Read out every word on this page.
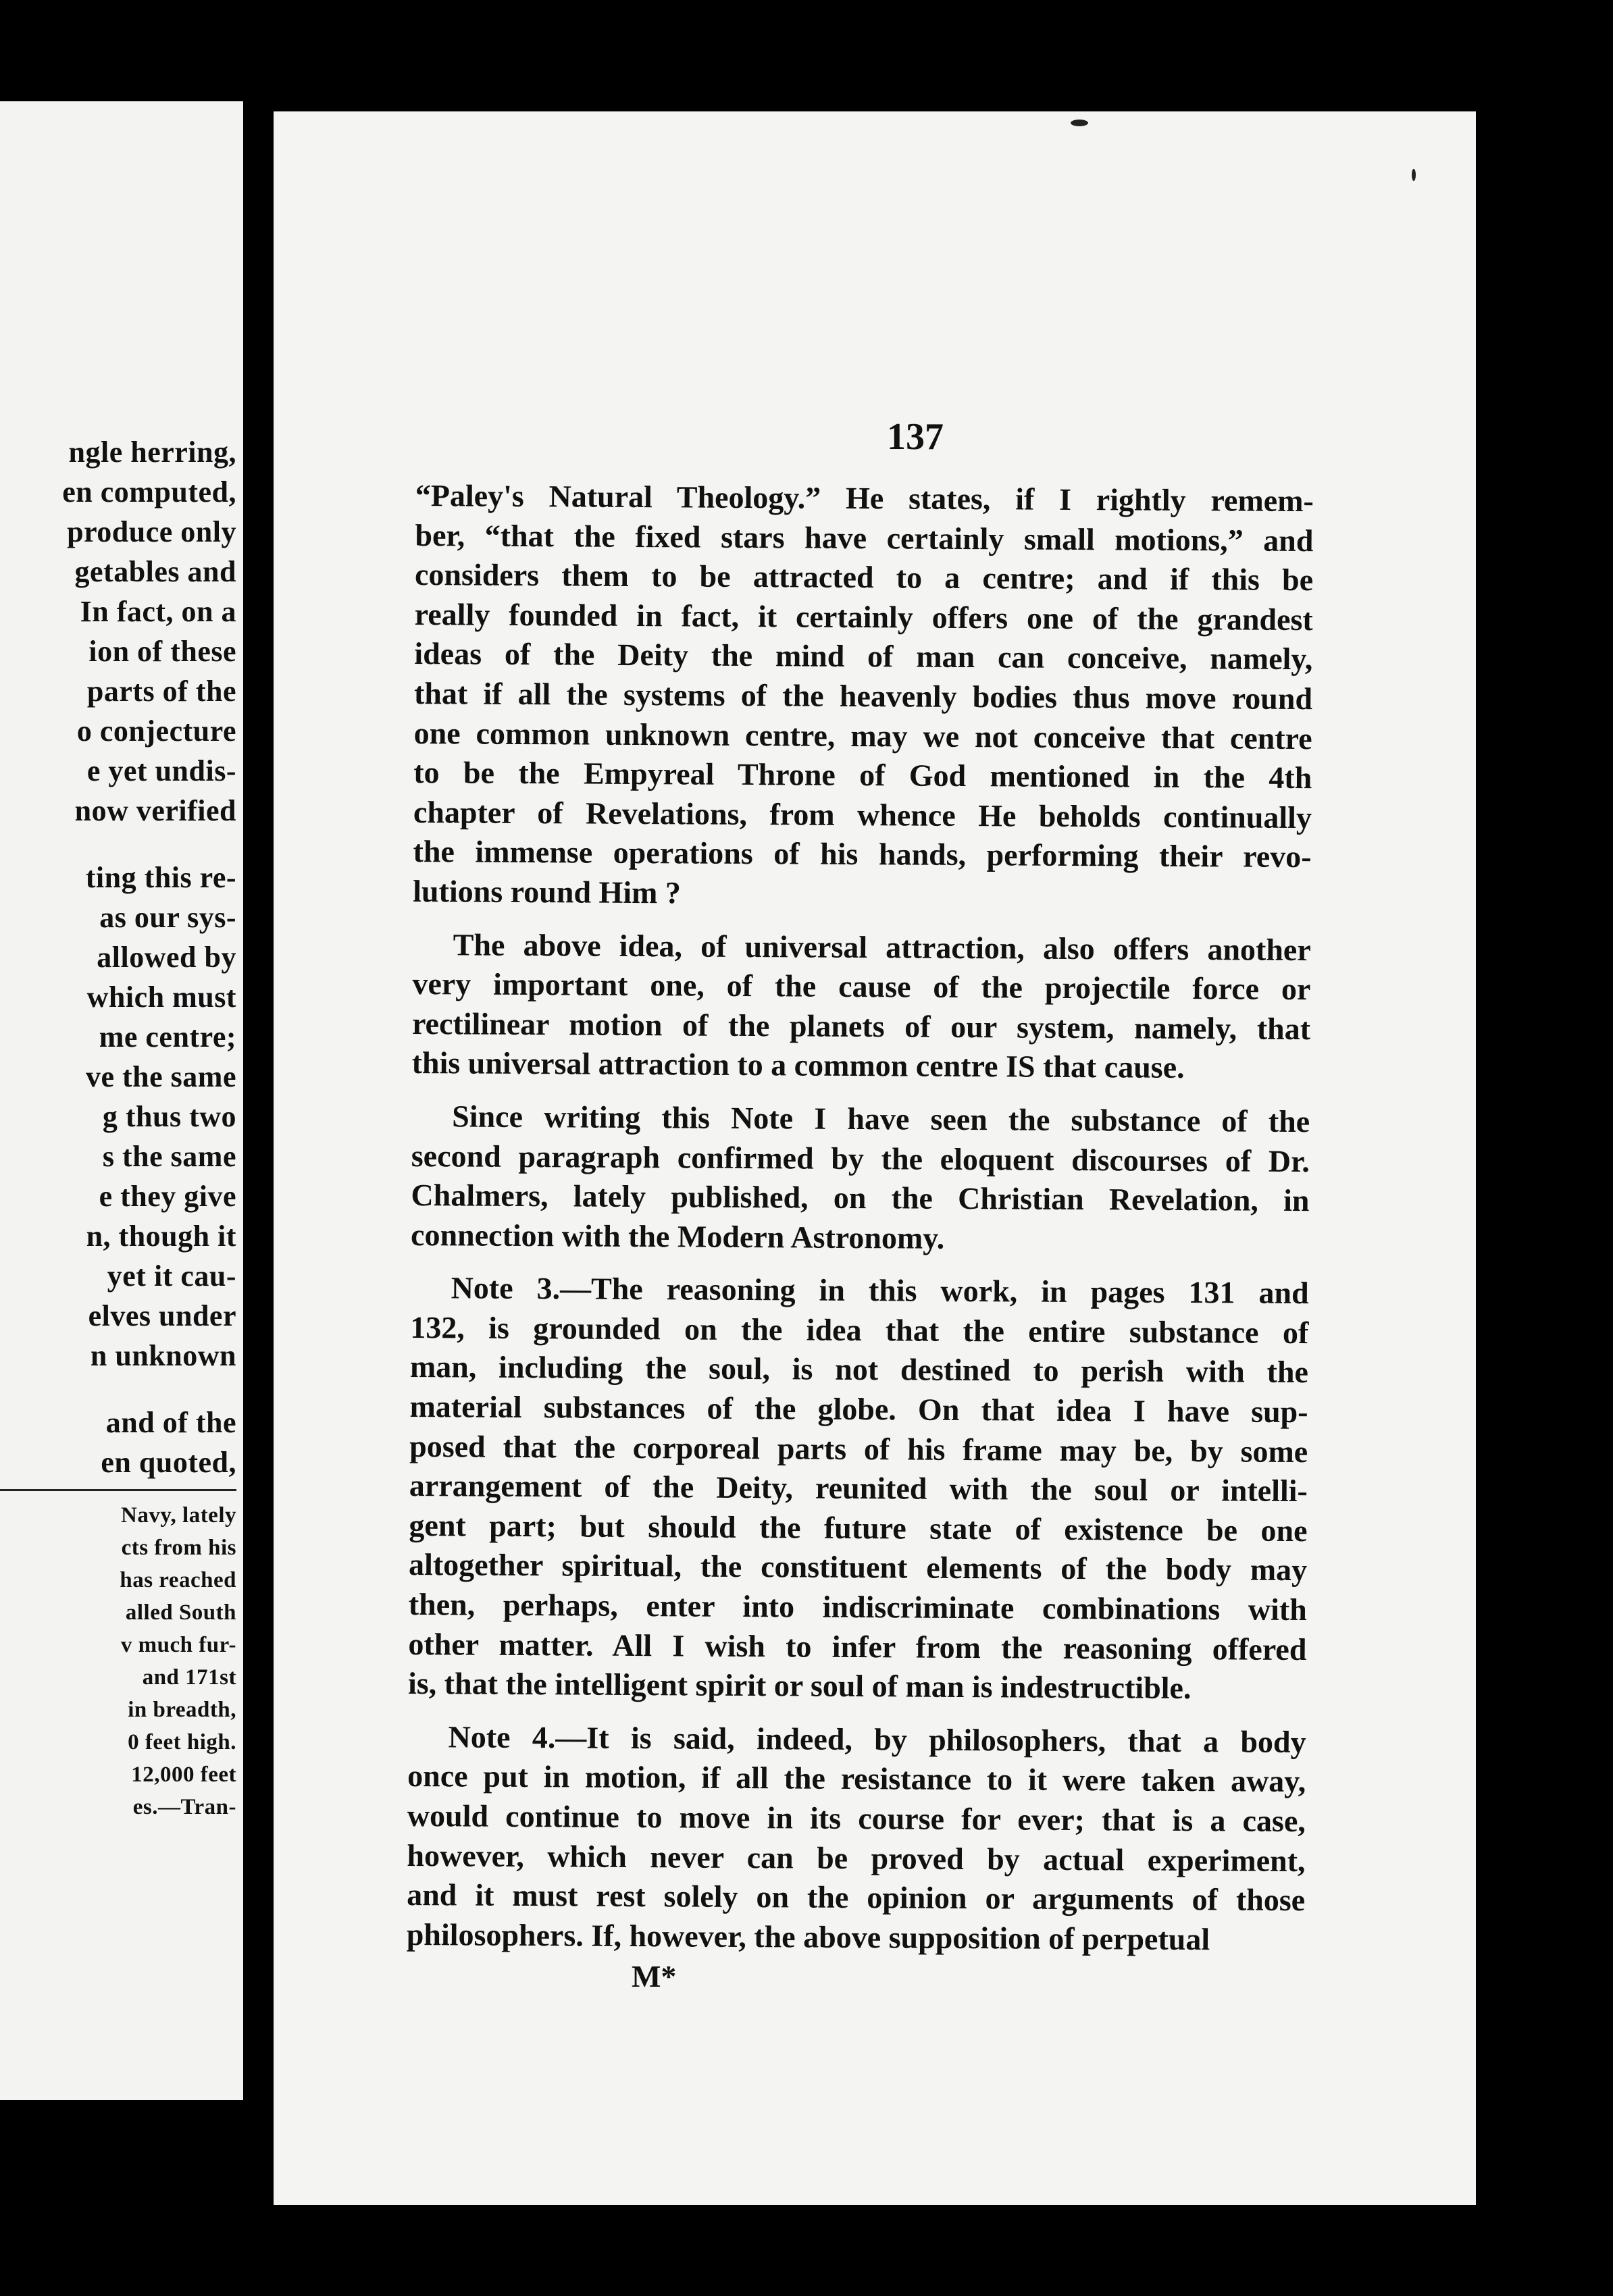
ngle herring,
en computed,
produce only
getables and
In fact, on a
ion of these
parts of the
o conjecture
e yet undis-
now verified
ting this re-
as our sys-
allowed by
which must
me centre;
ve the same
g thus two
s the same
e they give
n, though it
yet it cau-
elves under
n unknown
and of the
en quoted,
Navy, lately
cts from his
has reached
alled South
v much fur-
and 171st
in breadth,
0 feet high.
12,000 feet
es.—Tran-
137
“Paley's Natural Theology.” He states, if I rightly remem-
ber, “that the fixed stars have certainly small motions,” and
considers them to be attracted to a centre; and if this be
really founded in fact, it certainly offers one of the grandest
ideas of the Deity the mind of man can conceive, namely,
that if all the systems of the heavenly bodies thus move round
one common unknown centre, may we not conceive that centre
to be the Empyreal Throne of God mentioned in the 4th
chapter of Revelations, from whence He beholds continually
the immense operations of his hands, performing their revo-
lutions round Him ?
The above idea, of universal attraction, also offers another
very important one, of the cause of the projectile force or
rectilinear motion of the planets of our system, namely, that
this universal attraction to a common centre IS that cause.
Since writing this Note I have seen the substance of the
second paragraph confirmed by the eloquent discourses of Dr.
Chalmers, lately published, on the Christian Revelation, in
connection with the Modern Astronomy.
Note 3.—The reasoning in this work, in pages 131 and
132, is grounded on the idea that the entire substance of
man, including the soul, is not destined to perish with the
material substances of the globe. On that idea I have sup-
posed that the corporeal parts of his frame may be, by some
arrangement of the Deity, reunited with the soul or intelli-
gent part; but should the future state of existence be one
altogether spiritual, the constituent elements of the body may
then, perhaps, enter into indiscriminate combinations with
other matter. All I wish to infer from the reasoning offered
is, that the intelligent spirit or soul of man is indestructible.
Note 4.—It is said, indeed, by philosophers, that a body
once put in motion, if all the resistance to it were taken away,
would continue to move in its course for ever; that is a case,
however, which never can be proved by actual experiment,
and it must rest solely on the opinion or arguments of those
philosophers. If, however, the above supposition of perpetual
M*
